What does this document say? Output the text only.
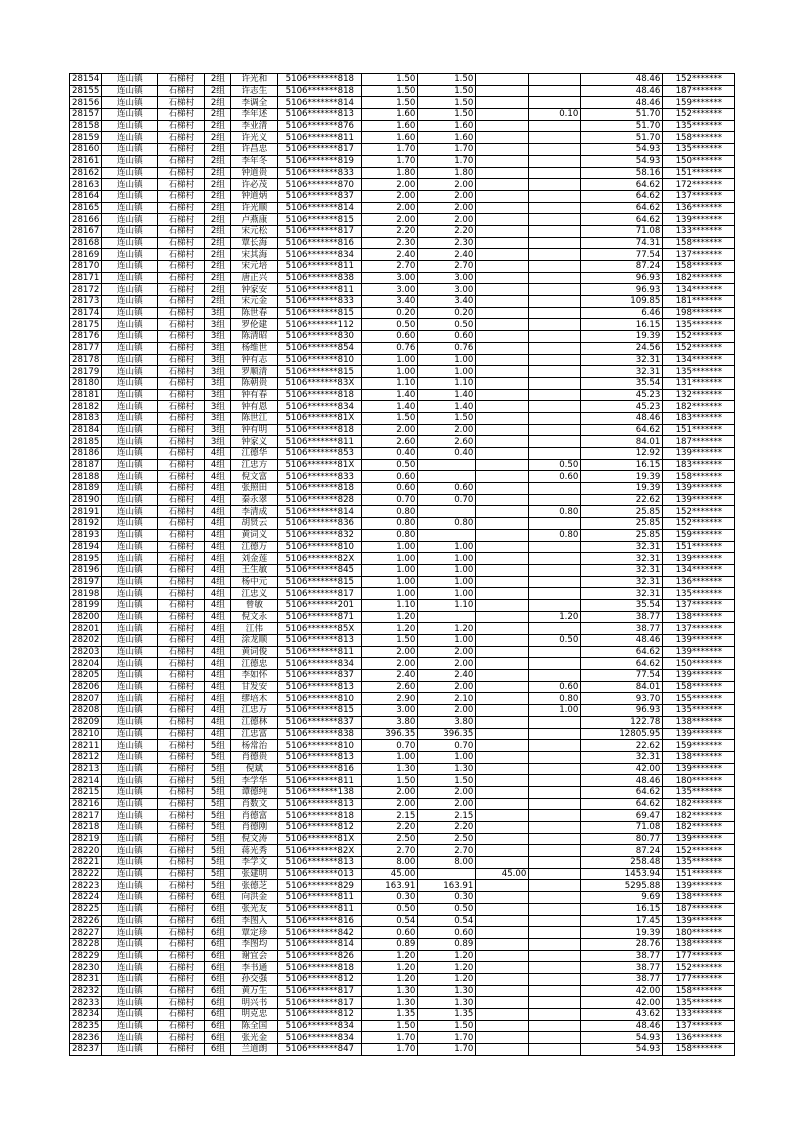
28154	连山镇	石梯村	2组	许光和	5106*******818	1.50	1.50			48.46	152*******
28155	连山镇	石梯村	2组	许志生	5106*******818	1.50	1.50			48.46	187*******
28156	连山镇	石梯村	2组	李调全	5106*******814	1.50	1.50			48.46	159*******
28157	连山镇	石梯村	2组	李年述	5106*******813	1.60	1.50		0.10	51.70	152*******
28158	连山镇	石梯村	2组	李业清	5106*******876	1.60	1.60			51.70	135*******
28159	连山镇	石梯村	2组	许光义	5106*******811	1.60	1.60			51.70	158*******
28160	连山镇	石梯村	2组	许昌忠	5106*******817	1.70	1.70			54.93	135*******
28161	连山镇	石梯村	2组	李年冬	5106*******819	1.70	1.70			54.93	150*******
28162	连山镇	石梯村	2组	钟道贵	5106*******833	1.80	1.80			58.16	151*******
28163	连山镇	石梯村	2组	许必茂	5106*******870	2.00	2.00			64.62	172*******
28164	连山镇	石梯村	2组	钟道炳	5106*******837	2.00	2.00			64.62	137*******
28165	连山镇	石梯村	2组	许光顺	5106*******814	2.00	2.00			64.62	136*******
28166	连山镇	石梯村	2组	卢燕康	5106*******815	2.00	2.00			64.62	139*******
28167	连山镇	石梯村	2组	宋元松	5106*******817	2.20	2.20			71.08	133*******
28168	连山镇	石梯村	2组	覃长海	5106*******816	2.30	2.30			74.31	158*******
28169	连山镇	石梯村	2组	宋其海	5106*******834	2.40	2.40			77.54	137*******
28170	连山镇	石梯村	2组	宋元培	5106*******811	2.70	2.70			87.24	158*******
28171	连山镇	石梯村	2组	唐正兴	5106*******838	3.00	3.00			96.93	182*******
28172	连山镇	石梯村	2组	钟家安	5106*******811	3.00	3.00			96.93	134*******
28173	连山镇	石梯村	2组	宋元金	5106*******833	3.40	3.40			109.85	181*******
28174	连山镇	石梯村	3组	陈世春	5106*******815	0.20	0.20			6.46	198*******
28175	连山镇	石梯村	3组	罗伦建	5106*******112	0.50	0.50			16.15	135*******
28176	连山镇	石梯村	3组	陈清昭	5106*******830	0.60	0.60			19.39	152*******
28177	连山镇	石梯村	3组	杨维世	5106*******854	0.76	0.76			24.56	152*******
28178	连山镇	石梯村	3组	钟有志	5106*******810	1.00	1.00			32.31	134*******
28179	连山镇	石梯村	3组	罗顺清	5106*******815	1.00	1.00			32.31	135*******
28180	连山镇	石梯村	3组	陈朝贵	5106*******83X	1.10	1.10			35.54	131*******
28181	连山镇	石梯村	3组	钟有春	5106*******818	1.40	1.40			45.23	132*******
28182	连山镇	石梯村	3组	钟有恩	5106*******834	1.40	1.40			45.23	182*******
28183	连山镇	石梯村	3组	陈世江	5106*******81X	1.50	1.50			48.46	183*******
28184	连山镇	石梯村	3组	钟有明	5106*******818	2.00	2.00			64.62	151*******
28185	连山镇	石梯村	3组	钟家义	5106*******811	2.60	2.60			84.01	187*******
28186	连山镇	石梯村	4组	江德华	5106*******853	0.40	0.40			12.92	139*******
28187	连山镇	石梯村	4组	江忠方	5106*******81X	0.50			0.50	16.15	183*******
28188	连山镇	石梯村	4组	倪文富	5106*******833	0.60			0.60	19.39	158*******
28189	连山镇	石梯村	4组	张照田	5106*******818	0.60	0.60			19.39	139*******
28190	连山镇	石梯村	4组	秦永翠	5106*******828	0.70	0.70			22.62	139*******
28191	连山镇	石梯村	4组	李清成	5106*******814	0.80			0.80	25.85	152*******
28192	连山镇	石梯村	4组	胡贤云	5106*******836	0.80	0.80			25.85	152*******
28193	连山镇	石梯村	4组	黄词义	5106*******832	0.80			0.80	25.85	159*******
28194	连山镇	石梯村	4组	江德万	5106*******810	1.00	1.00			32.31	151*******
28195	连山镇	石梯村	4组	刘金莲	5106*******82X	1.00	1.00			32.31	139*******
28196	连山镇	石梯村	4组	王生敏	5106*******845	1.00	1.00			32.31	134*******
28197	连山镇	石梯村	4组	杨中元	5106*******815	1.00	1.00			32.31	136*******
28198	连山镇	石梯村	4组	江忠义	5106*******817	1.00	1.00			32.31	135*******
28199	连山镇	石梯村	4组	曾敏	5106*******201	1.10	1.10			35.54	137*******
28200	连山镇	石梯村	4组	倪文永	5106*******871	1.20			1.20	38.77	138*******
28201	连山镇	石梯村	4组	江伟	5106*******85X	1.20	1.20			38.77	137*******
28202	连山镇	石梯村	4组	涂龙顺	5106*******813	1.50	1.00		0.50	48.46	139*******
28203	连山镇	石梯村	4组	黄词俊	5106*******811	2.00	2.00			64.62	139*******
28204	连山镇	石梯村	4组	江德忠	5106*******834	2.00	2.00			64.62	150*******
28205	连山镇	石梯村	4组	李如怀	5106*******837	2.40	2.40			77.54	139*******
28206	连山镇	石梯村	4组	甘发安	5106*******813	2.60	2.00		0.60	84.01	158*******
28207	连山镇	石梯村	4组	缪培木	5106*******810	2.90	2.10		0.80	93.70	155*******
28208	连山镇	石梯村	4组	江忠万	5106*******815	3.00	2.00		1.00	96.93	135*******
28209	连山镇	石梯村	4组	江德林	5106*******837	3.80	3.80			122.78	138*******
28210	连山镇	石梯村	4组	江忠富	5106*******838	396.35	396.35			12805.95	139*******
28211	连山镇	石梯村	5组	杨常治	5106*******810	0.70	0.70			22.62	159*******
28212	连山镇	石梯村	5组	肖德贵	5106*******813	1.00	1.00			32.31	138*******
28213	连山镇	石梯村	5组	倪斌	5106*******816	1.30	1.30			42.00	139*******
28214	连山镇	石梯村	5组	李学华	5106*******811	1.50	1.50			48.46	180*******
28215	连山镇	石梯村	5组	谭德纯	5106*******138	2.00	2.00			64.62	135*******
28216	连山镇	石梯村	5组	肖数文	5106*******813	2.00	2.00			64.62	182*******
28217	连山镇	石梯村	5组	肖德富	5106*******818	2.15	2.15			69.47	182*******
28218	连山镇	石梯村	5组	肖德刚	5106*******812	2.20	2.20			71.08	182*******
28219	连山镇	石梯村	5组	倪文涛	5106*******81X	2.50	2.50			80.77	139*******
28220	连山镇	石梯村	5组	蒋光秀	5106*******82X	2.70	2.70			87.24	152*******
28221	连山镇	石梯村	5组	李学文	5106*******813	8.00	8.00			258.48	135*******
28222	连山镇	石梯村	5组	张建明	5106*******013	45.00		45.00		1453.94	151*******
28223	连山镇	石梯村	5组	张德芝	5106*******829	163.91	163.91			5295.88	139*******
28224	连山镇	石梯村	6组	向洪金	5106*******811	0.30	0.30			9.69	138*******
28225	连山镇	石梯村	6组	张光友	5106*******811	0.50	0.50			16.15	187*******
28226	连山镇	石梯村	6组	李图入	5106*******816	0.54	0.54			17.45	139*******
28227	连山镇	石梯村	6组	覃定珍	5106*******842	0.60	0.60			19.39	180*******
28228	连山镇	石梯村	6组	李图均	5106*******814	0.89	0.89			28.76	138*******
28229	连山镇	石梯村	6组	谢宜会	5106*******826	1.20	1.20			38.77	177*******
28230	连山镇	石梯村	6组	李书通	5106*******818	1.20	1.20			38.77	152*******
28231	连山镇	石梯村	6组	孙交强	5106*******812	1.20	1.20			38.77	177*******
28232	连山镇	石梯村	6组	黄万生	5106*******817	1.30	1.30			42.00	158*******
28233	连山镇	石梯村	6组	明兴书	5106*******817	1.30	1.30			42.00	135*******
28234	连山镇	石梯村	6组	明克忠	5106*******812	1.35	1.35			43.62	133*******
28235	连山镇	石梯村	6组	陈全国	5106*******834	1.50	1.50			48.46	137*******
28236	连山镇	石梯村	6组	张光金	5106*******834	1.70	1.70			54.93	136*******
28237	连山镇	石梯村	6组	兰道朗	5106*******847	1.70	1.70			54.93	158*******
